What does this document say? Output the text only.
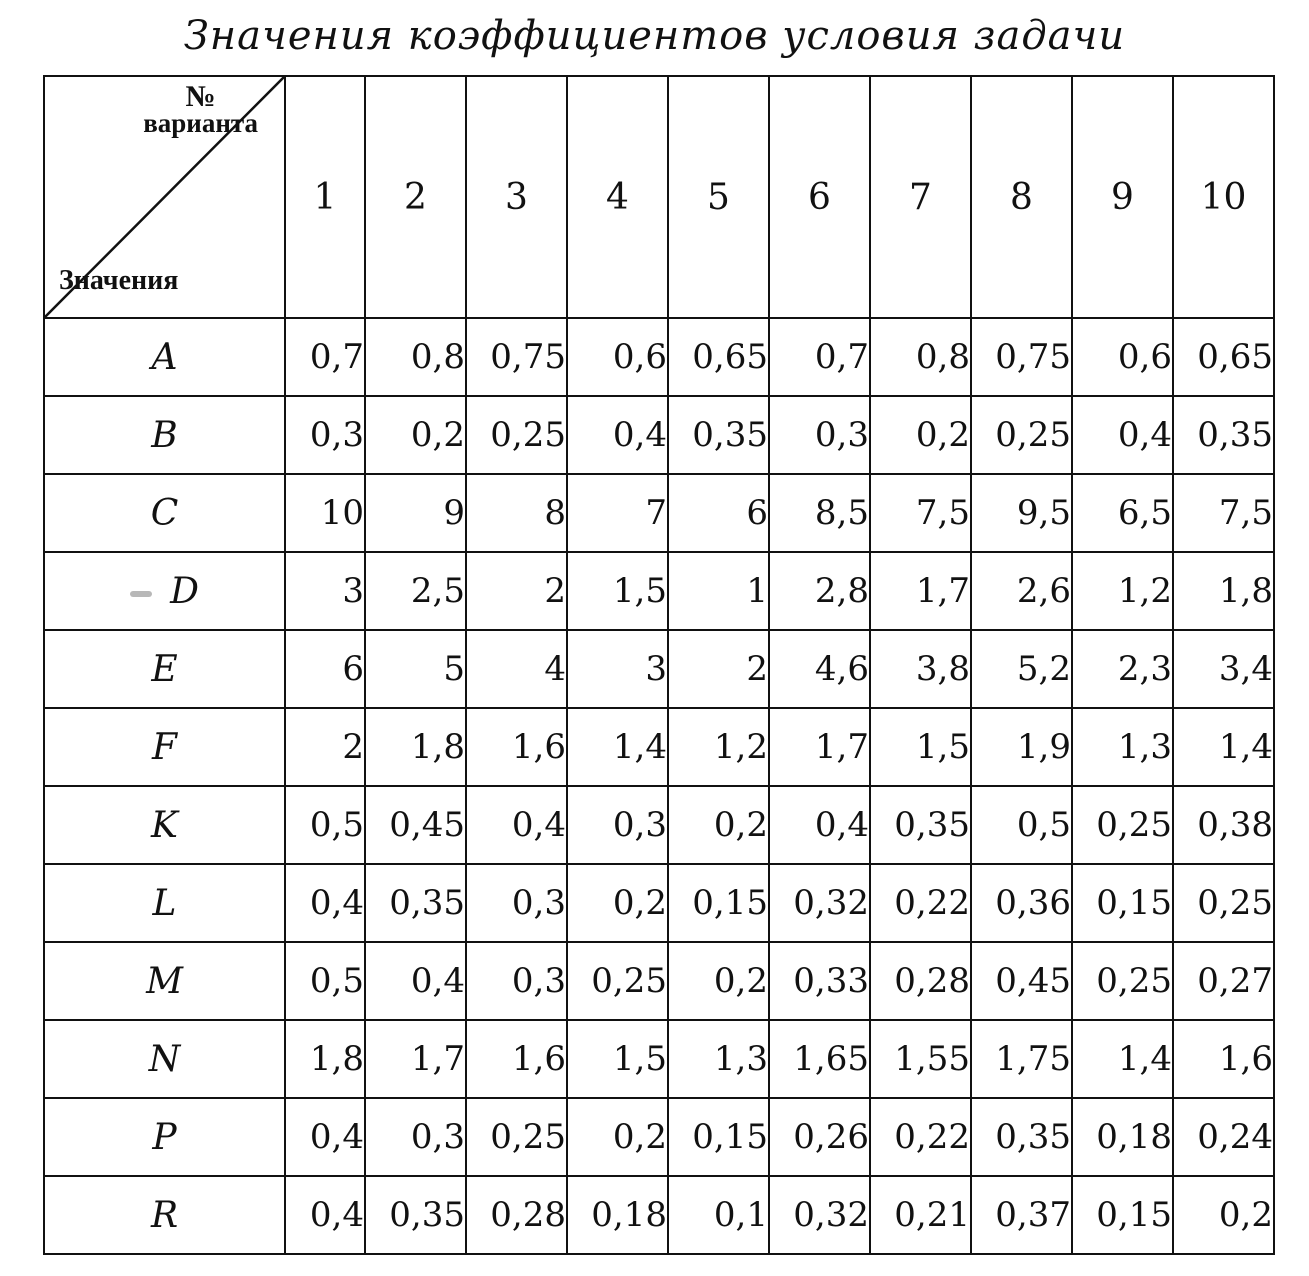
Значения коэффициентов условия задачи
№
варианта
Значения	1	2	3	4	5	6	7	8	9	10
A	0,7	0,8	0,75	0,6	0,65	0,7	0,8	0,75	0,6	0,65
B	0,3	0,2	0,25	0,4	0,35	0,3	0,2	0,25	0,4	0,35
C	10	9	8	7	6	8,5	7,5	9,5	6,5	7,5
D	3	2,5	2	1,5	1	2,8	1,7	2,6	1,2	1,8
E	6	5	4	3	2	4,6	3,8	5,2	2,3	3,4
F	2	1,8	1,6	1,4	1,2	1,7	1,5	1,9	1,3	1,4
K	0,5	0,45	0,4	0,3	0,2	0,4	0,35	0,5	0,25	0,38
L	0,4	0,35	0,3	0,2	0,15	0,32	0,22	0,36	0,15	0,25
M	0,5	0,4	0,3	0,25	0,2	0,33	0,28	0,45	0,25	0,27
N	1,8	1,7	1,6	1,5	1,3	1,65	1,55	1,75	1,4	1,6
P	0,4	0,3	0,25	0,2	0,15	0,26	0,22	0,35	0,18	0,24
R	0,4	0,35	0,28	0,18	0,1	0,32	0,21	0,37	0,15	0,2
